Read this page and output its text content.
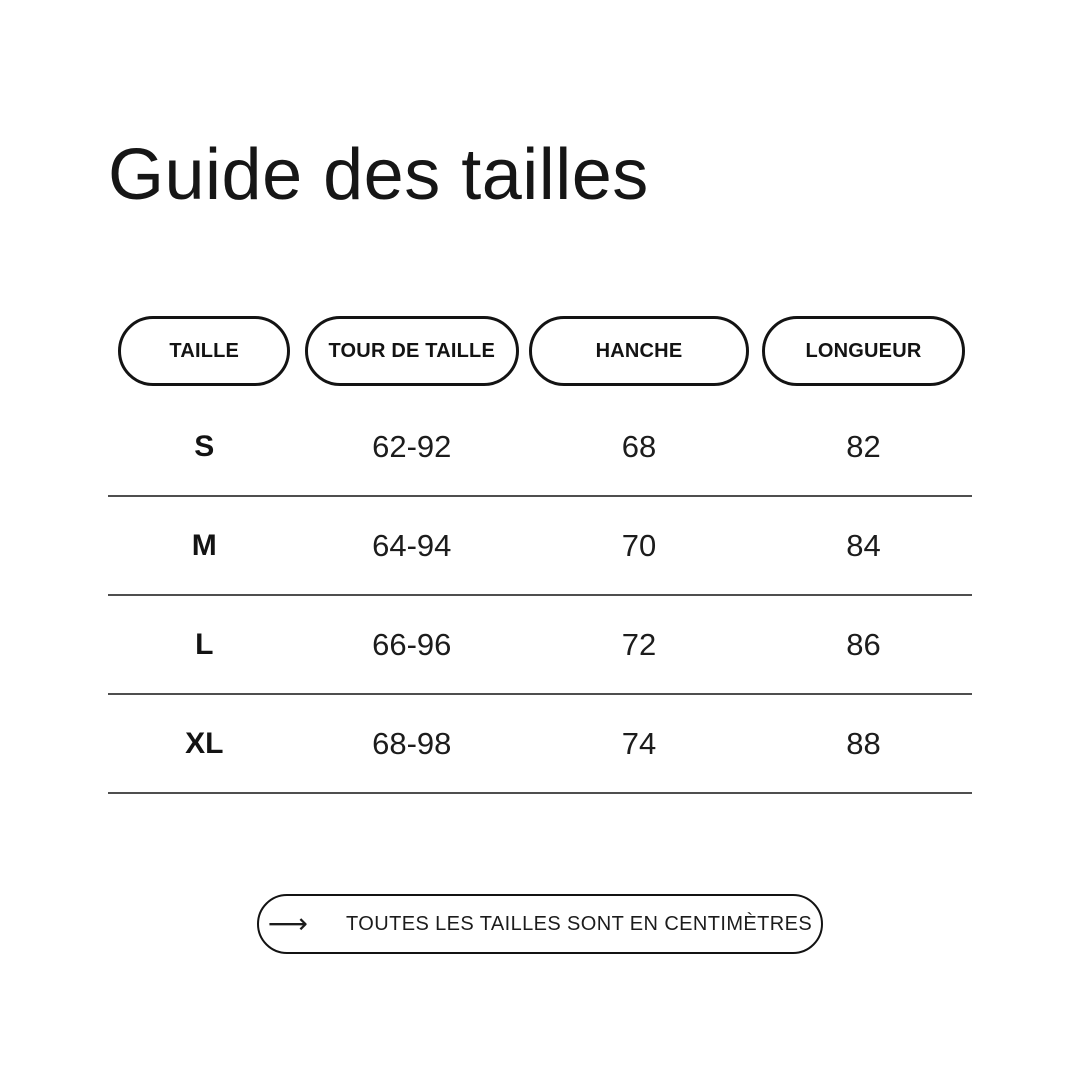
Guide des tailles
TAILLE	TOUR DE TAILLE	HANCHE	LONGUEUR
S	62-92	68	82
M	64-94	70	84
L	66-96	72	86
XL	68-98	74	88
⟶ TOUTES LES TAILLES SONT EN CENTIMÈTRES
